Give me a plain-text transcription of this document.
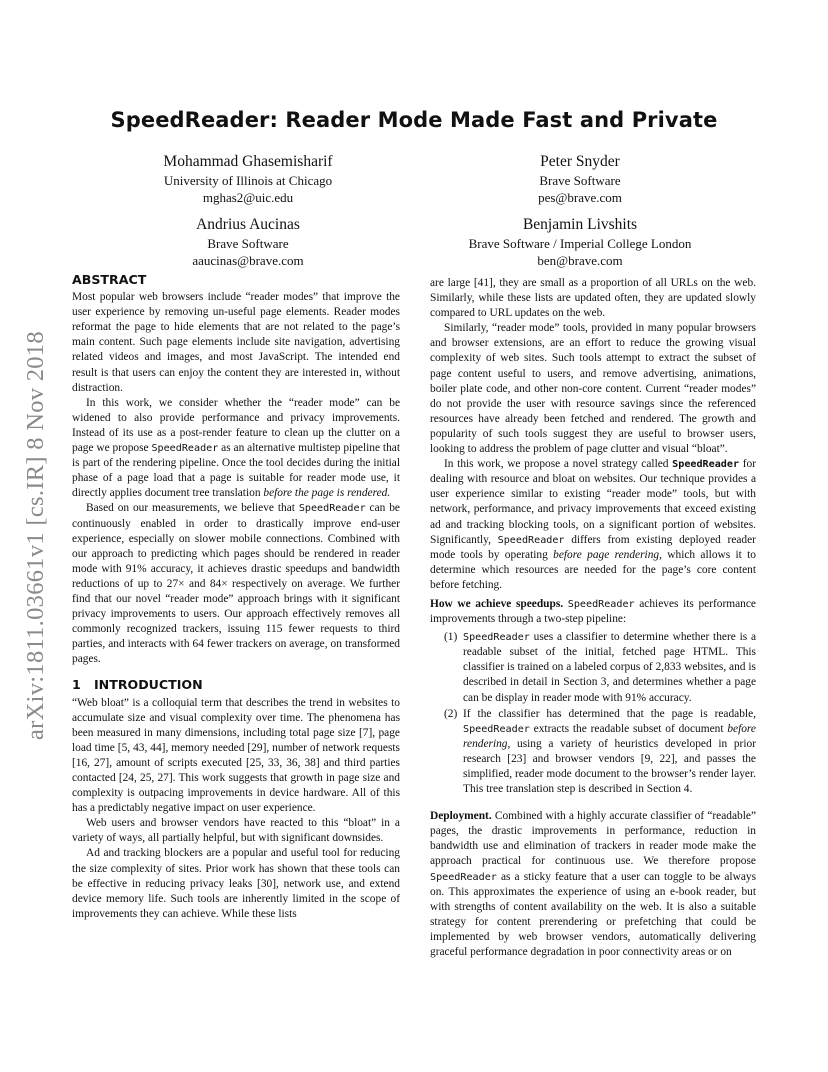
SpeedReader: Reader Mode Made Fast and Private
arXiv:1811.03661v1 [cs.IR] 8 Nov 2018
Mohammad Ghasemisharif
University of Illinois at Chicago
mghas2@uic.edu
Peter Snyder
Brave Software
pes@brave.com
Andrius Aucinas
Brave Software
aaucinas@brave.com
Benjamin Livshits
Brave Software / Imperial College London
ben@brave.com
ABSTRACT

Most popular web browsers include “reader modes” that improve the user experience by removing un-useful page elements. Reader modes reformat the page to hide elements that are not related to the page’s main content. Such page elements include site navigation, advertising related videos and images, and most JavaScript. The intended end result is that users can enjoy the content they are interested in, without distraction.

In this work, we consider whether the “reader mode” can be widened to also provide performance and privacy improvements. Instead of its use as a post-render feature to clean up the clutter on a page we propose SpeedReader as an alternative multistep pipeline that is part of the rendering pipeline. Once the tool decides during the initial phase of a page load that a page is suitable for reader mode use, it directly applies document tree translation before the page is rendered.

Based on our measurements, we believe that SpeedReader can be continuously enabled in order to drastically improve end-user experience, especially on slower mobile connections. Combined with our approach to predicting which pages should be rendered in reader mode with 91% accuracy, it achieves drastic speedups and bandwidth reductions of up to 27× and 84× respectively on average. We further find that our novel “reader mode” approach brings with it significant privacy improvements to users. Our approach effectively removes all commonly recognized trackers, issuing 115 fewer requests to third parties, and interacts with 64 fewer trackers on average, on transformed pages.

1 INTRODUCTION

“Web bloat” is a colloquial term that describes the trend in websites to accumulate size and visual complexity over time. The phenomena has been measured in many dimensions, including total page size [7], page load time [5, 43, 44], memory needed [29], number of network requests [16, 27], amount of scripts executed [25, 33, 36, 38] and third parties contacted [24, 25, 27]. This work suggests that growth in page size and complexity is outpacing improvements in device hardware. All of this has a predictably negative impact on user experience.

Web users and browser vendors have reacted to this “bloat” in a variety of ways, all partially helpful, but with significant downsides.

Ad and tracking blockers are a popular and useful tool for reducing the size complexity of sites. Prior work has shown that these tools can be effective in reducing privacy leaks [30], network use, and extend device memory life. Such tools are inherently limited in the scope of improvements they can achieve. While these lists

are large [41], they are small as a proportion of all URLs on the web. Similarly, while these lists are updated often, they are updated slowly compared to URL updates on the web.

Similarly, “reader mode” tools, provided in many popular browsers and browser extensions, are an effort to reduce the growing visual complexity of web sites. Such tools attempt to extract the subset of page content useful to users, and remove advertising, animations, boiler plate code, and other non-core content. Current “reader modes” do not provide the user with resource savings since the referenced resources have already been fetched and rendered. The growth and popularity of such tools suggest they are useful to browser users, looking to address the problem of page clutter and visual “bloat”.

In this work, we propose a novel strategy called SpeedReader for dealing with resource and bloat on websites. Our technique provides a user experience similar to existing “reader mode” tools, but with network, performance, and privacy improvements that exceed existing ad and tracking blocking tools, on a significant portion of websites. Significantly, SpeedReader differs from existing deployed reader mode tools by operating before page rendering, which allows it to determine which resources are needed for the page’s core content before fetching.

How we achieve speedups. SpeedReader achieves its performance improvements through a two-step pipeline:

(1) SpeedReader uses a classifier to determine whether there is a readable subset of the initial, fetched page HTML. This classifier is trained on a labeled corpus of 2,833 websites, and is described in detail in Section 3, and determines whether a page can be display in reader mode with 91% accuracy.
(2) If the classifier has determined that the page is readable, SpeedReader extracts the readable subset of document before rendering, using a variety of heuristics developed in prior research [23] and browser vendors [9, 22], and passes the simplified, reader mode document to the browser’s render layer. This tree translation step is described in Section 4.

Deployment. Combined with a highly accurate classifier of “readable” pages, the drastic improvements in performance, reduction in bandwidth use and elimination of trackers in reader mode make the approach practical for continuous use. We therefore propose SpeedReader as a sticky feature that a user can toggle to be always on. This approximates the experience of using an e-book reader, but with strengths of content availability on the web. It is also a suitable strategy for content prerendering or prefetching that could be implemented by web browser vendors, automatically delivering graceful performance degradation in poor connectivity areas or on
